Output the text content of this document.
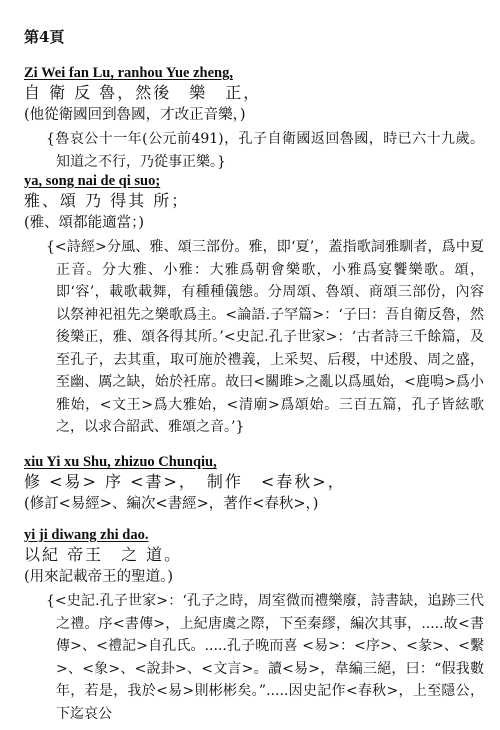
第4頁

Zi Wei fan Lu, ranhou Yue zheng,

自 衛 反 魯，然後　樂　正，

(他從衛國回到魯國，才改正音樂，)

{魯哀公十一年(公元前491)，孔子自衛國返回魯國，時已六十九歲。知道之不行，乃從事正樂。}

ya, song nai de qi suo;

雅、頌 乃 得其 所；

(雅、頌都能適當；)

{<詩經>分風、雅、頌三部份。雅，即‘夏’，蓋指歌詞雅馴者，爲中夏正音。分大雅、小雅：大雅爲朝會樂歌，小雅爲宴饗樂歌。頌，即‘容’，載歌載舞，有種種儀態。分周頌、魯頌、商頌三部份，內容以祭神祀祖先之樂歌爲主。<論語.子罕篇>：‘子曰：吾自衛反魯，然後樂正，雅、頌各得其所。’<史記.孔子世家>：‘古者詩三千餘篇，及至孔子，去其重，取可施於禮義，上采契、后稷，中述殷、周之盛，至幽、厲之缺，始於衽席。故曰<關雎>之亂以爲風始，<鹿鳴>爲小雅始，<文王>爲大雅始，<清廟>爲頌始。三百五篇，孔子皆絃歌之，以求合韶武、雅頌之音。’}

xiu Yi xu Shu, zhizuo Chunqiu,

修 <易> 序 <書>，　制作　<春秋>，

(修訂<易經>、編次<書經>，著作<春秋>，)

yi ji diwang zhi dao.

以紀 帝王　之 道。

(用來記載帝王的聖道。)

{<史記.孔子世家>：‘孔子之時，周室微而禮樂廢，詩書缺，追跡三代之禮。序<書傳>，上紀唐虞之際，下至秦繆，編次其事，.....故<書傳>、<禮記>自孔氏。.....孔子晚而喜 <易>：<序>、<彖>、<繫>、<象>、<說卦>、<文言>。讀<易>，韋編三絕，曰：“假我數年，若是，我於<易>則彬彬矣。”.....因史記作<春秋>，上至隱公，下迄哀公
